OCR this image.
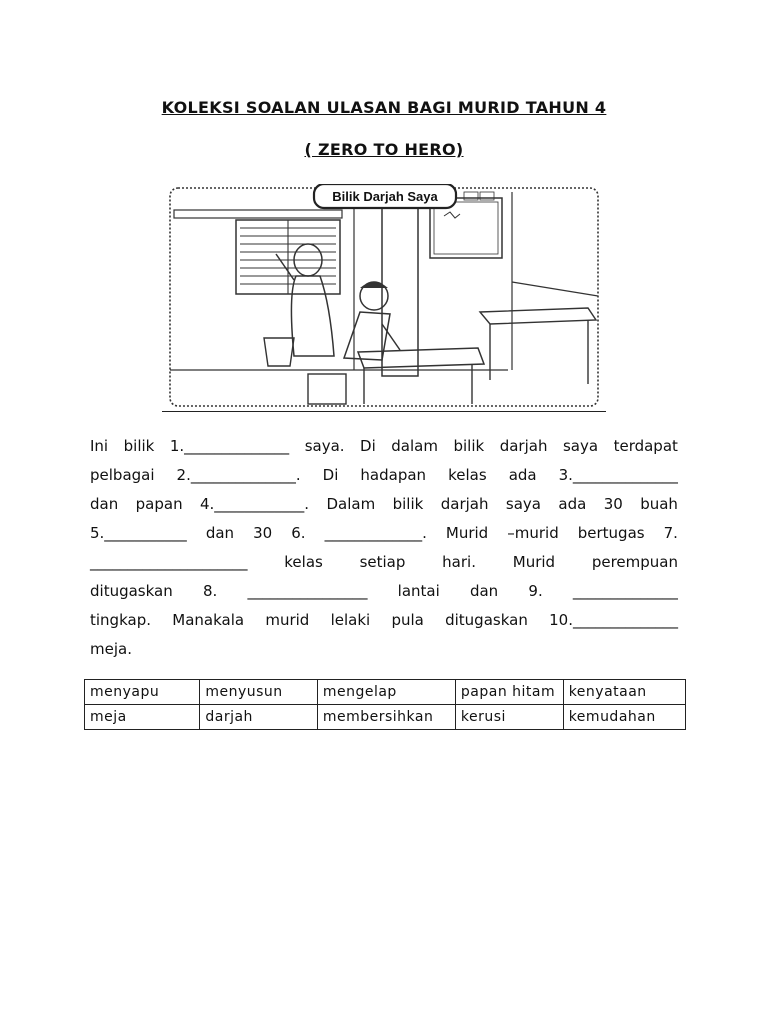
KOLEKSI SOALAN ULASAN BAGI MURID TAHUN 4
( ZERO TO HERO)
Bilik Darjah Saya
Ini bilik 1.______________ saya. Di dalam bilik darjah saya terdapat
pelbagai 2.______________. Di hadapan kelas ada 3.______________
dan papan 4.____________. Dalam bilik darjah saya ada 30 buah
5.___________ dan 30 6. _____________. Murid –murid bertugas 7.
_____________________ kelas setiap hari. Murid perempuan
ditugaskan 8. ________________ lantai dan 9. ______________
tingkap. Manakala murid lelaki pula ditugaskan 10.______________
meja.
menyapu	menyusun	mengelap	papan hitam	kenyataan
meja	darjah	membersihkan	kerusi	kemudahan
